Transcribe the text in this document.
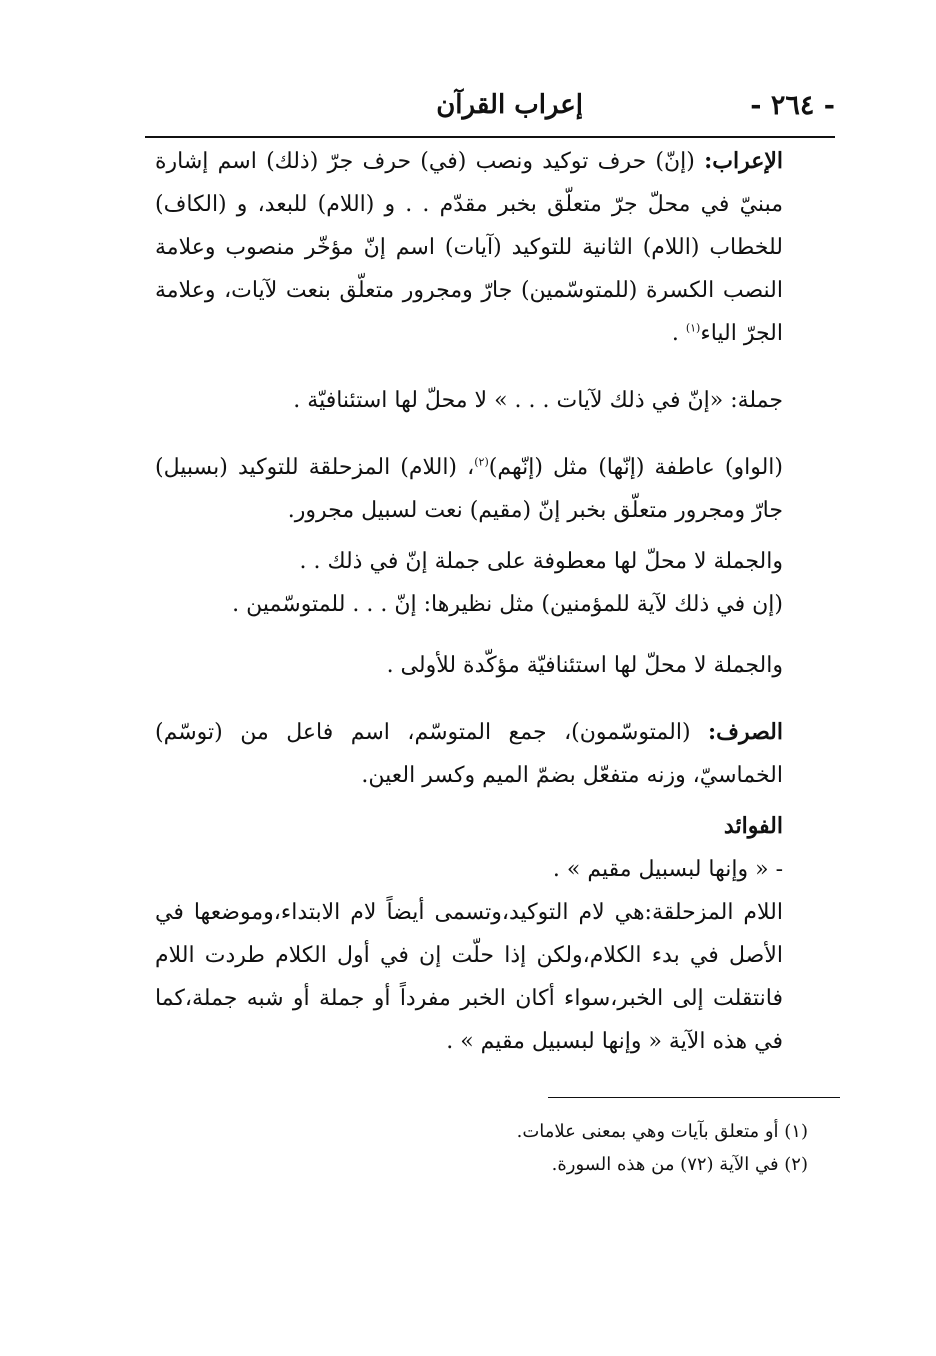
- ٢٦٤ -
إعراب القرآن

الإعراب: (إنّ) حرف توكيد ونصب (في) حرف جرّ (ذلك) اسم إشارة مبنيّ في محلّ جرّ متعلّق بخبر مقدّم . . و (اللام) للبعد، و (الكاف) للخطاب (اللام) الثانية للتوكيد (آيات) اسم إنّ مؤخّر منصوب وعلامة النصب الكسرة (للمتوسّمين) جارّ ومجرور متعلّق بنعت لآيات، وعلامة الجرّ الياء$^{(١)}$ .

جملة: «إنّ في ذلك لآيات . . . » لا محلّ لها استئنافيّة .

(الواو) عاطفة (إنّها) مثل (إنّهم)$^{(٢)}$، (اللام) المزحلقة للتوكيد (بسبيل) جارّ ومجرور متعلّق بخبر إنّ (مقيم) نعت لسبيل مجرور.

والجملة لا محلّ لها معطوفة على جملة إنّ في ذلك . .

(إن في ذلك لآية للمؤمنين) مثل نظيرها: إنّ . . . للمتوسّمين .

والجملة لا محلّ لها استئنافيّة مؤكّدة للأولى .

الصرف: (المتوسّمون)، جمع المتوسّم، اسم فاعل من (توسّم) الخماسيّ، وزنه متفعّل بضمّ الميم وكسر العين.

الفوائد

- « وإنها لبسبيل مقيم » .

اللام المزحلقة:هي لام التوكيد،وتسمى أيضاً لام الابتداء،وموضعها في الأصل في بدء الكلام،ولكن إذا حلّت إن في أول الكلام طردت اللام فانتقلت إلى الخبر،سواء أكان الخبر مفرداً أو جملة أو شبه جملة،كما في هذه الآية « وإنها لبسبيل مقيم » .

(١) أو متعلق بآيات وهي بمعنى علامات.

(٢) في الآية (٧٢) من هذه السورة.
